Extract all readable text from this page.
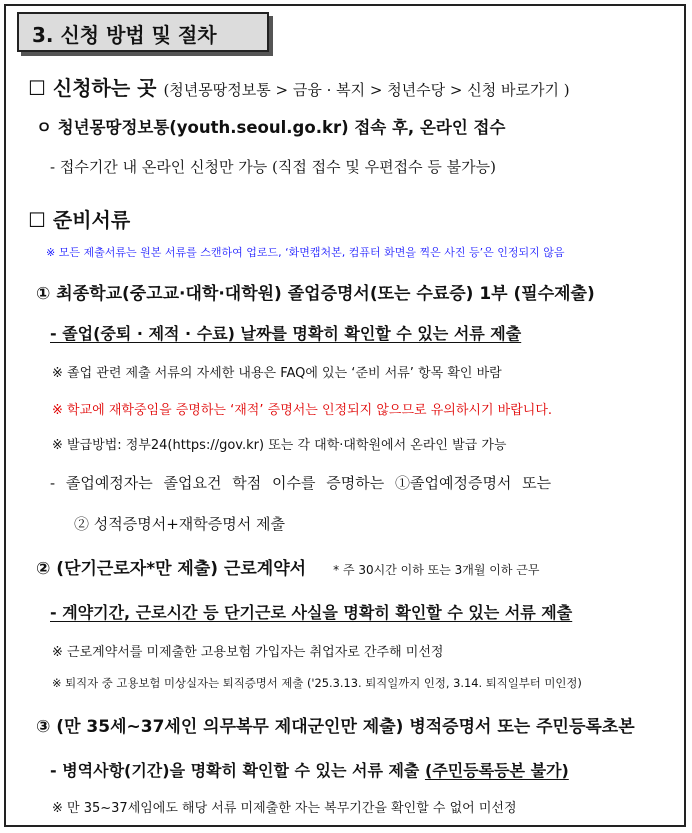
3. 신청 방법 및 절차
☐ 신청하는 곳 (청년몽땅정보통 > 금융 · 복지 > 청년수당 > 신청 바로가기 )
ㅇ 청년몽땅정보통(youth.seoul.go.kr) 접속 후, 온라인 접수
- 접수기간 내 온라인 신청만 가능 (직접 접수 및 우편접수 등 불가능)
☐ 준비서류
※ 모든 제출서류는 원본 서류를 스캔하여 업로드, ‘화면캡처본, 컴퓨터 화면을 찍은 사진 등’은 인정되지 않음
① 최종학교(중고교·대학·대학원) 졸업증명서(또는 수료증) 1부 (필수제출)
- 졸업(중퇴 · 제적 · 수료) 날짜를 명확히 확인할 수 있는 서류 제출
※ 졸업 관련 제출 서류의 자세한 내용은 FAQ에 있는 ‘준비 서류’ 항목 확인 바람
※ 학교에 재학중임을 증명하는 ‘재적’ 증명서는 인정되지 않으므로 유의하시기 바랍니다.
※ 발급방법: 정부24(https://gov.kr) 또는 각 대학·대학원에서 온라인 발급 가능
- 졸업예정자는 졸업요건 학점 이수를 증명하는 ①졸업예정증명서 또는
② 성적증명서+재학증명서 제출
② (단기근로자*만 제출) 근로계약서 * 주 30시간 이하 또는 3개월 이하 근무
- 계약기간, 근로시간 등 단기근로 사실을 명확히 확인할 수 있는 서류 제출
※ 근로계약서를 미제출한 고용보험 가입자는 취업자로 간주해 미선정
※ 퇴직자 중 고용보험 미상실자는 퇴직증명서 제출 ('25.3.13. 퇴직일까지 인정, 3.14. 퇴직일부터 미인정)
③ (만 35세~37세인 의무복무 제대군인만 제출) 병적증명서 또는 주민등록초본
- 병역사항(기간)을 명확히 확인할 수 있는 서류 제출 (주민등록등본 불가)
※ 만 35~37세임에도 해당 서류 미제출한 자는 복무기간을 확인할 수 없어 미선정
